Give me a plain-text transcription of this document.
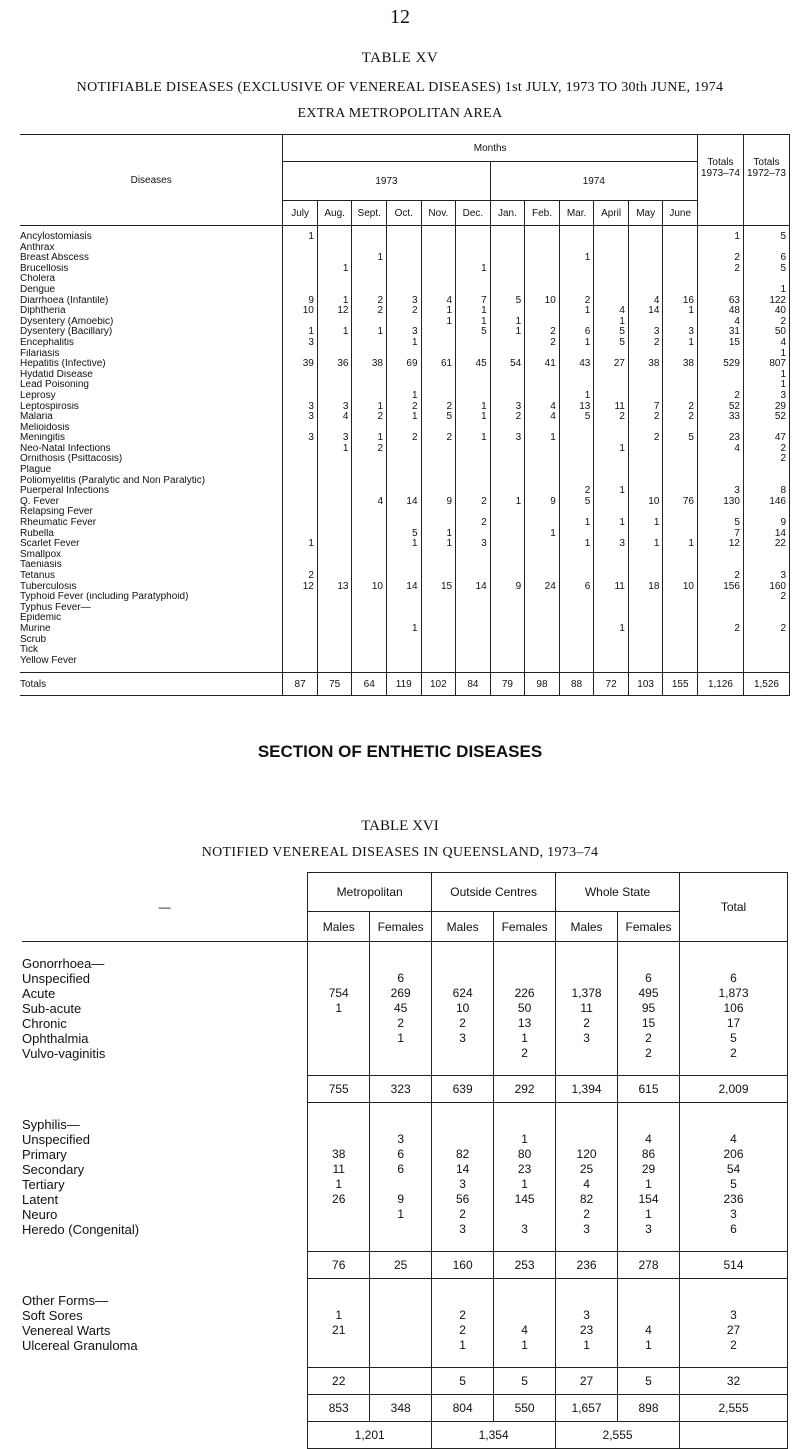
12
TABLE XV
NOTIFIABLE DISEASES (EXCLUSIVE OF VENEREAL DISEASES) 1st JULY, 1973 TO 30th JUNE, 1974
EXTRA METROPOLITAN AREA
Diseases	Months												Totals 1973–74	Totals 1972–73
	1973						1974							
	July	Aug.	Sept.	Oct.	Nov.	Dec.	Jan.	Feb.	Mar.	April	May	June		
Ancylostomiasis	1												1	5
Anthrax														
Breast Abscess			1						1				2	6
Brucellosis		1				1							2	5
Cholera														
Dengue														1
Diarrhoea (Infantile)	9	1	2	3	4	7	5	10	2		4	16	63	122
Diphtheria	10	12	2	2	1	1			1	4	14	1	48	40
Dysentery (Amoebic)					1	1	1			1			4	2
Dysentery (Bacillary)	1	1	1	3		5	1	2	6	5	3	3	31	50
Encephalitis	3			1				2	1	5	2	1	15	4
Filariasis														1
Hepatitis (Infective)	39	36	38	69	61	45	54	41	43	27	38	38	529	807
Hydatid Disease														1
Lead Poisoning														1
Leprosy				1					1				2	3
Leptospirosis	3	3	1	2	2	1	3	4	13	11	7	2	52	29
Malaria	3	4	2	1	5	1	2	4	5	2	2	2	33	52
Melioidosis														
Meningitis	3	3	1	2	2	1	3	1			2	5	23	47
Neo-Natal Infections		1	2							1			4	2
Ornithosis (Psittacosis)														2
Plague														
Poliomyelitis (Paralytic and Non Paralytic)														
Puerperal Infections									2	1			3	8
Q. Fever			4	14	9	2	1	9	5		10	76	130	146
Relapsing Fever														
Rheumatic Fever						2			1	1	1		5	9
Rubella				5	1			1					7	14
Scarlet Fever	1			1	1	3			1	3	1	1	12	22
Smallpox														
Taeniasis														
Tetanus	2												2	3
Tuberculosis	12	13	10	14	15	14	9	24	6	11	18	10	156	160
Typhoid Fever (including Paratyphoid)														2
Typhus Fever—														
Epidemic														
Murine				1						1			2	2
Scrub														
Tick														
Yellow Fever														
Totals	87	75	64	119	102	84	79	98	88	72	103	155	1,126	1,526
SECTION OF ENTHETIC DISEASES
TABLE XVI
NOTIFIED VENEREAL DISEASES IN QUEENSLAND, 1973–74
—	Metropolitan		Outside Centres		Whole State		Total
	Males	Females	Males	Females	Males	Females	

Gonorrhoea—							
Unspecified		6				6	6
Acute	754	269	624	226	1,378	495	1,873
Sub-acute	1	45	10	50	11	95	106
Chronic		2	2	13	2	15	17
Ophthalmia		1	3	1	3	2	5
Vulvo-vaginitis				2		2	2

	755	323	639	292	1,394	615	2,009

Syphilis—							
Unspecified		3		1		4	4
Primary	38	6	82	80	120	86	206
Secondary	11	6	14	23	25	29	54
Tertiary	1		3	1	4	1	5
Latent	26	9	56	145	82	154	236
Neuro		1	2		2	1	3
Heredo (Congenital)			3	3	3	3	6

	76	25	160	253	236	278	514

Other Forms—							
Soft Sores	1		2		3		3
Venereal Warts	21		2	4	23	4	27
Ulcereal Granuloma			1	1	1	1	2

	22		5	5	27	5	32
	853	348	804	550	1,657	898	2,555
	1,201		1,354		2,555		
